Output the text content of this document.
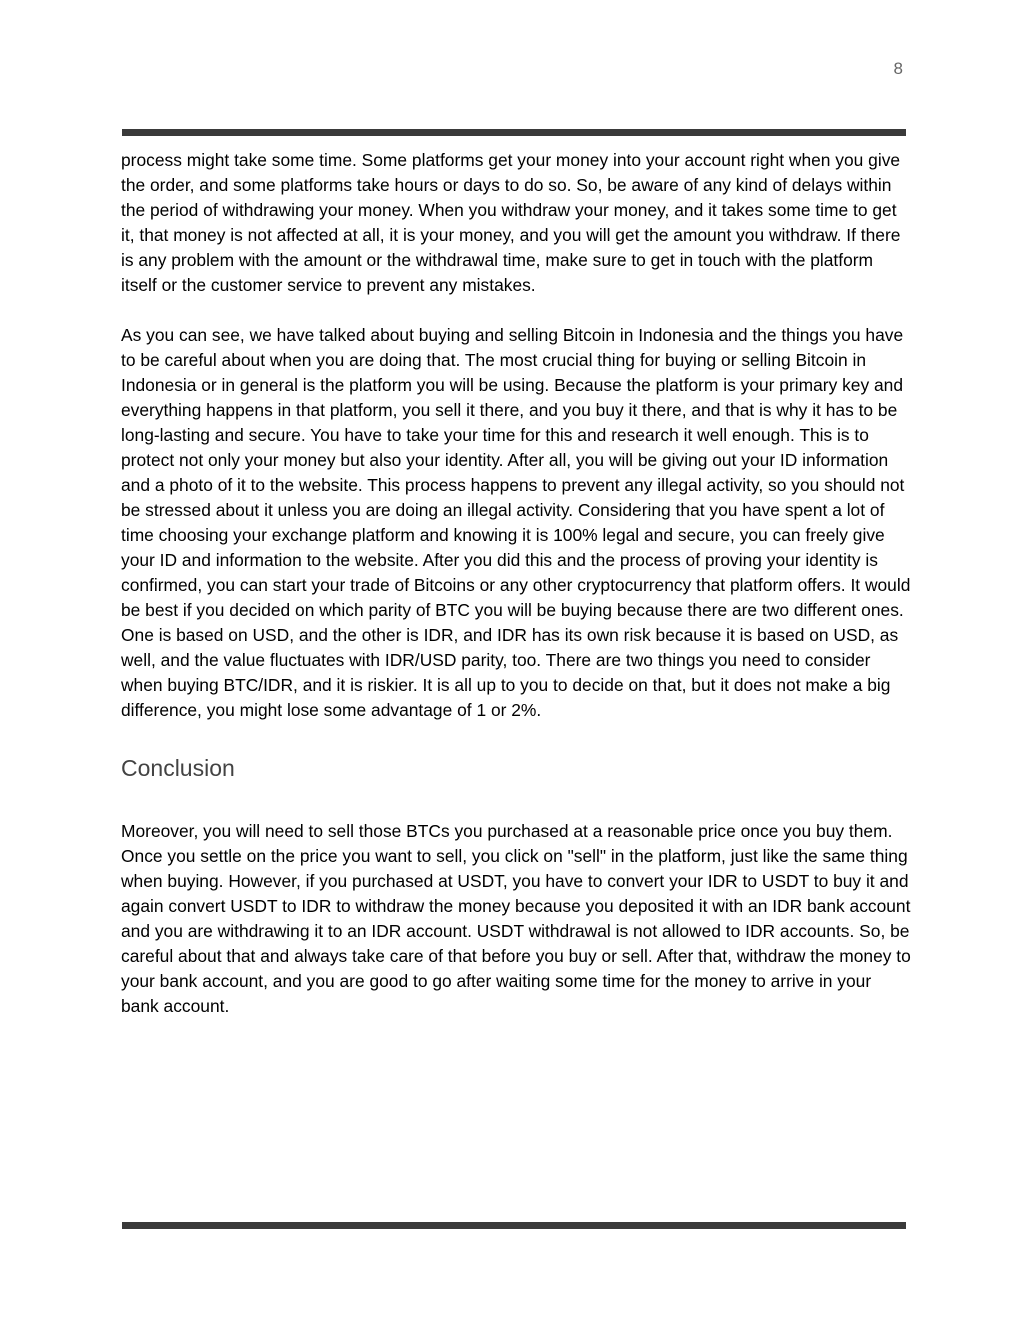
8

process might take some time. Some platforms get your money into your account right when you give the order, and some platforms take hours or days to do so. So, be aware of any kind of delays within the period of withdrawing your money. When you withdraw your money, and it takes some time to get it, that money is not affected at all, it is your money, and you will get the amount you withdraw. If there is any problem with the amount or the withdrawal time, make sure to get in touch with the platform itself or the customer service to prevent any mistakes.

As you can see, we have talked about buying and selling Bitcoin in Indonesia and the things you have to be careful about when you are doing that. The most crucial thing for buying or selling Bitcoin in Indonesia or in general is the platform you will be using. Because the platform is your primary key and everything happens in that platform, you sell it there, and you buy it there, and that is why it has to be long-lasting and secure. You have to take your time for this and research it well enough. This is to protect not only your money but also your identity. After all, you will be giving out your ID information and a photo of it to the website. This process happens to prevent any illegal activity, so you should not be stressed about it unless you are doing an illegal activity. Considering that you have spent a lot of time choosing your exchange platform and knowing it is 100% legal and secure, you can freely give your ID and information to the website. After you did this and the process of proving your identity is confirmed, you can start your trade of Bitcoins or any other cryptocurrency that platform offers. It would be best if you decided on which parity of BTC you will be buying because there are two different ones. One is based on USD, and the other is IDR, and IDR has its own risk because it is based on USD, as well, and the value fluctuates with IDR/USD parity, too. There are two things you need to consider when buying BTC/IDR, and it is riskier. It is all up to you to decide on that, but it does not make a big difference, you might lose some advantage of 1 or 2%.

Conclusion

Moreover, you will need to sell those BTCs you purchased at a reasonable price once you buy them. Once you settle on the price you want to sell, you click on "sell" in the platform, just like the same thing when buying. However, if you purchased at USDT, you have to convert your IDR to USDT to buy it and again convert USDT to IDR to withdraw the money because you deposited it with an IDR bank account and you are withdrawing it to an IDR account. USDT withdrawal is not allowed to IDR accounts. So, be careful about that and always take care of that before you buy or sell. After that, withdraw the money to your bank account, and you are good to go after waiting some time for the money to arrive in your bank account.
